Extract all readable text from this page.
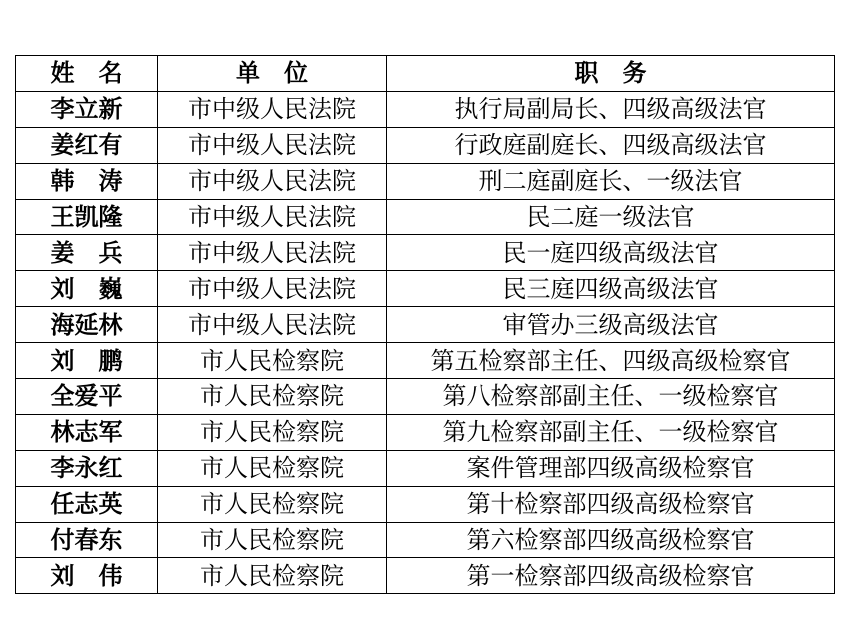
姓　名	单　位	职　务
李立新	市中级人民法院	执行局副局长、四级高级法官
姜红有	市中级人民法院	行政庭副庭长、四级高级法官
韩　涛	市中级人民法院	刑二庭副庭长、一级法官
王凯隆	市中级人民法院	民二庭一级法官
姜　兵	市中级人民法院	民一庭四级高级法官
刘　巍	市中级人民法院	民三庭四级高级法官
海延林	市中级人民法院	审管办三级高级法官
刘　鹏	市人民检察院	第五检察部主任、四级高级检察官
全爱平	市人民检察院	第八检察部副主任、一级检察官
林志军	市人民检察院	第九检察部副主任、一级检察官
李永红	市人民检察院	案件管理部四级高级检察官
任志英	市人民检察院	第十检察部四级高级检察官
付春东	市人民检察院	第六检察部四级高级检察官
刘　伟	市人民检察院	第一检察部四级高级检察官
